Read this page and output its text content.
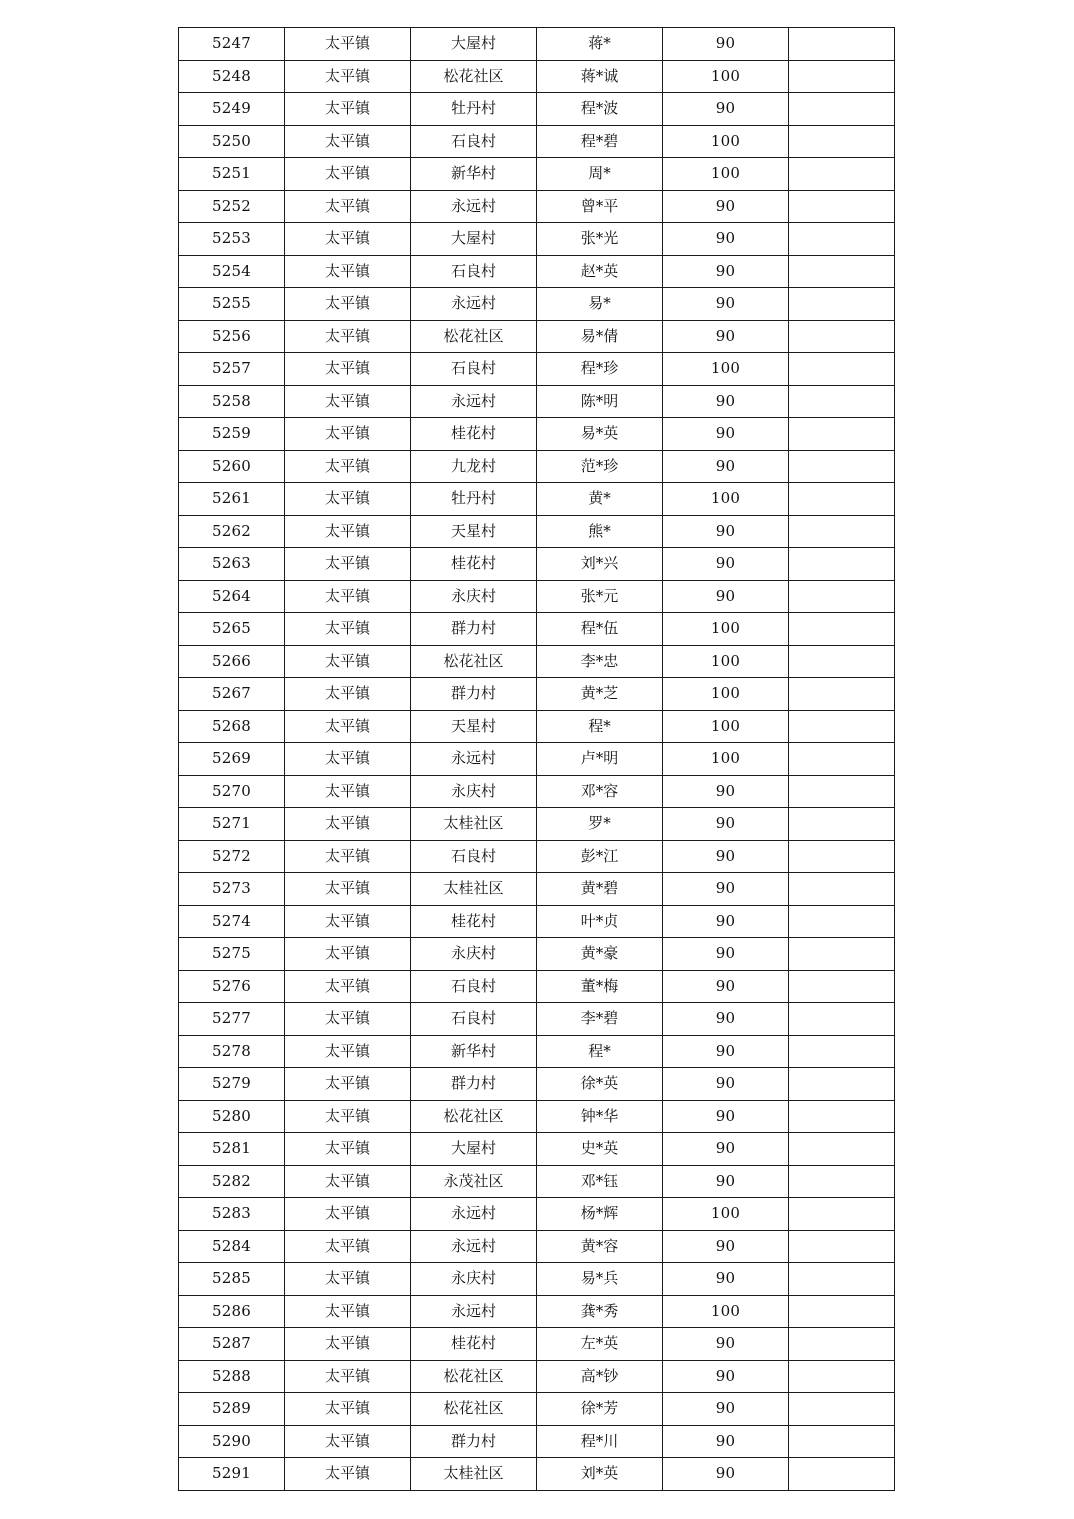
5247	太平镇	大屋村	蒋*	90	
5248	太平镇	松花社区	蒋*诚	100	
5249	太平镇	牡丹村	程*波	90	
5250	太平镇	石良村	程*碧	100	
5251	太平镇	新华村	周*	100	
5252	太平镇	永远村	曾*平	90	
5253	太平镇	大屋村	张*光	90	
5254	太平镇	石良村	赵*英	90	
5255	太平镇	永远村	易*	90	
5256	太平镇	松花社区	易*倩	90	
5257	太平镇	石良村	程*珍	100	
5258	太平镇	永远村	陈*明	90	
5259	太平镇	桂花村	易*英	90	
5260	太平镇	九龙村	范*珍	90	
5261	太平镇	牡丹村	黄*	100	
5262	太平镇	天星村	熊*	90	
5263	太平镇	桂花村	刘*兴	90	
5264	太平镇	永庆村	张*元	90	
5265	太平镇	群力村	程*伍	100	
5266	太平镇	松花社区	李*忠	100	
5267	太平镇	群力村	黄*芝	100	
5268	太平镇	天星村	程*	100	
5269	太平镇	永远村	卢*明	100	
5270	太平镇	永庆村	邓*容	90	
5271	太平镇	太桂社区	罗*	90	
5272	太平镇	石良村	彭*江	90	
5273	太平镇	太桂社区	黄*碧	90	
5274	太平镇	桂花村	叶*贞	90	
5275	太平镇	永庆村	黄*豪	90	
5276	太平镇	石良村	董*梅	90	
5277	太平镇	石良村	李*碧	90	
5278	太平镇	新华村	程*	90	
5279	太平镇	群力村	徐*英	90	
5280	太平镇	松花社区	钟*华	90	
5281	太平镇	大屋村	史*英	90	
5282	太平镇	永茂社区	邓*钰	90	
5283	太平镇	永远村	杨*辉	100	
5284	太平镇	永远村	黄*容	90	
5285	太平镇	永庆村	易*兵	90	
5286	太平镇	永远村	龚*秀	100	
5287	太平镇	桂花村	左*英	90	
5288	太平镇	松花社区	高*钞	90	
5289	太平镇	松花社区	徐*芳	90	
5290	太平镇	群力村	程*川	90	
5291	太平镇	太桂社区	刘*英	90	
